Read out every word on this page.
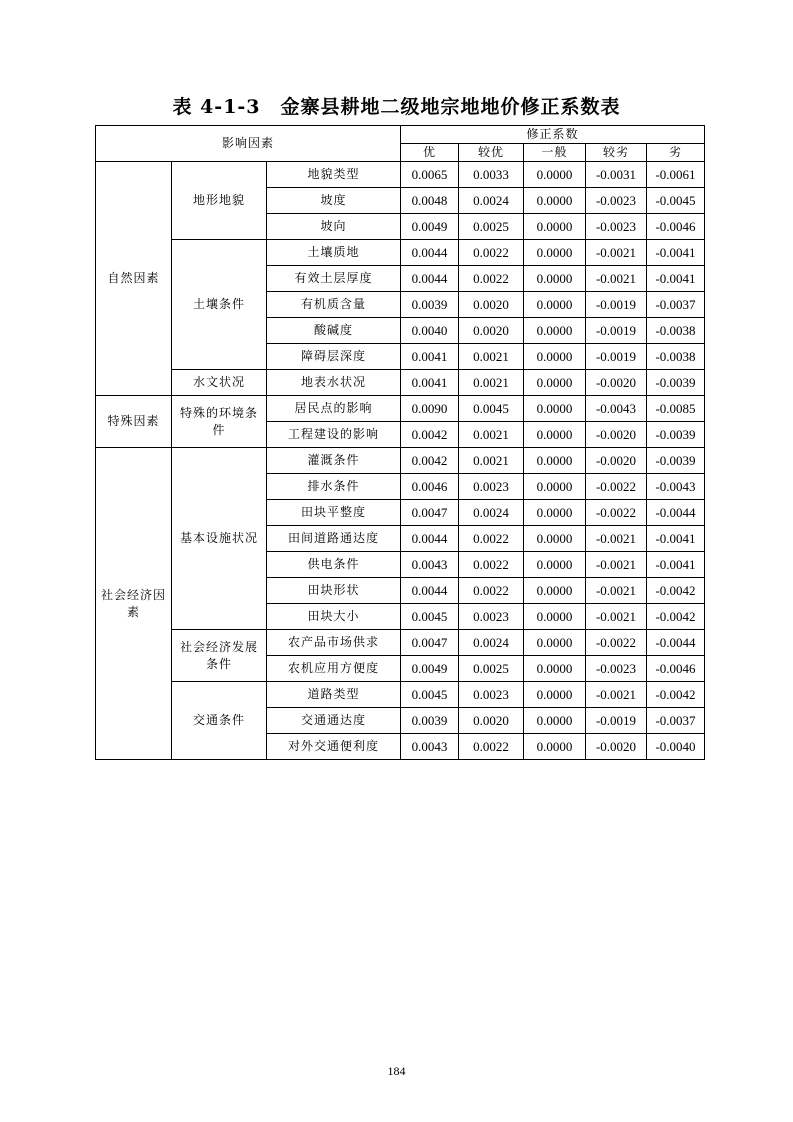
表 4-1-3　金寨县耕地二级地宗地地价修正系数表
影响因素			修正系数				
			优	较优	一般	较劣	劣
自然因素	地形地貌	地貌类型	0.0065	0.0033	0.0000	-0.0031	-0.0061
		坡度	0.0048	0.0024	0.0000	-0.0023	-0.0045
		坡向	0.0049	0.0025	0.0000	-0.0023	-0.0046
	土壤条件	土壤质地	0.0044	0.0022	0.0000	-0.0021	-0.0041
		有效土层厚度	0.0044	0.0022	0.0000	-0.0021	-0.0041
		有机质含量	0.0039	0.0020	0.0000	-0.0019	-0.0037
		酸碱度	0.0040	0.0020	0.0000	-0.0019	-0.0038
		障碍层深度	0.0041	0.0021	0.0000	-0.0019	-0.0038
	水文状况	地表水状况	0.0041	0.0021	0.0000	-0.0020	-0.0039
特殊因素	特殊的环境条件	居民点的影响	0.0090	0.0045	0.0000	-0.0043	-0.0085
		工程建设的影响	0.0042	0.0021	0.0000	-0.0020	-0.0039
社会经济因素	基本设施状况	灌溉条件	0.0042	0.0021	0.0000	-0.0020	-0.0039
		排水条件	0.0046	0.0023	0.0000	-0.0022	-0.0043
		田块平整度	0.0047	0.0024	0.0000	-0.0022	-0.0044
		田间道路通达度	0.0044	0.0022	0.0000	-0.0021	-0.0041
		供电条件	0.0043	0.0022	0.0000	-0.0021	-0.0041
		田块形状	0.0044	0.0022	0.0000	-0.0021	-0.0042
		田块大小	0.0045	0.0023	0.0000	-0.0021	-0.0042
	社会经济发展条件	农产品市场供求	0.0047	0.0024	0.0000	-0.0022	-0.0044
		农机应用方便度	0.0049	0.0025	0.0000	-0.0023	-0.0046
	交通条件	道路类型	0.0045	0.0023	0.0000	-0.0021	-0.0042
		交通通达度	0.0039	0.0020	0.0000	-0.0019	-0.0037
		对外交通便利度	0.0043	0.0022	0.0000	-0.0020	-0.0040
184
